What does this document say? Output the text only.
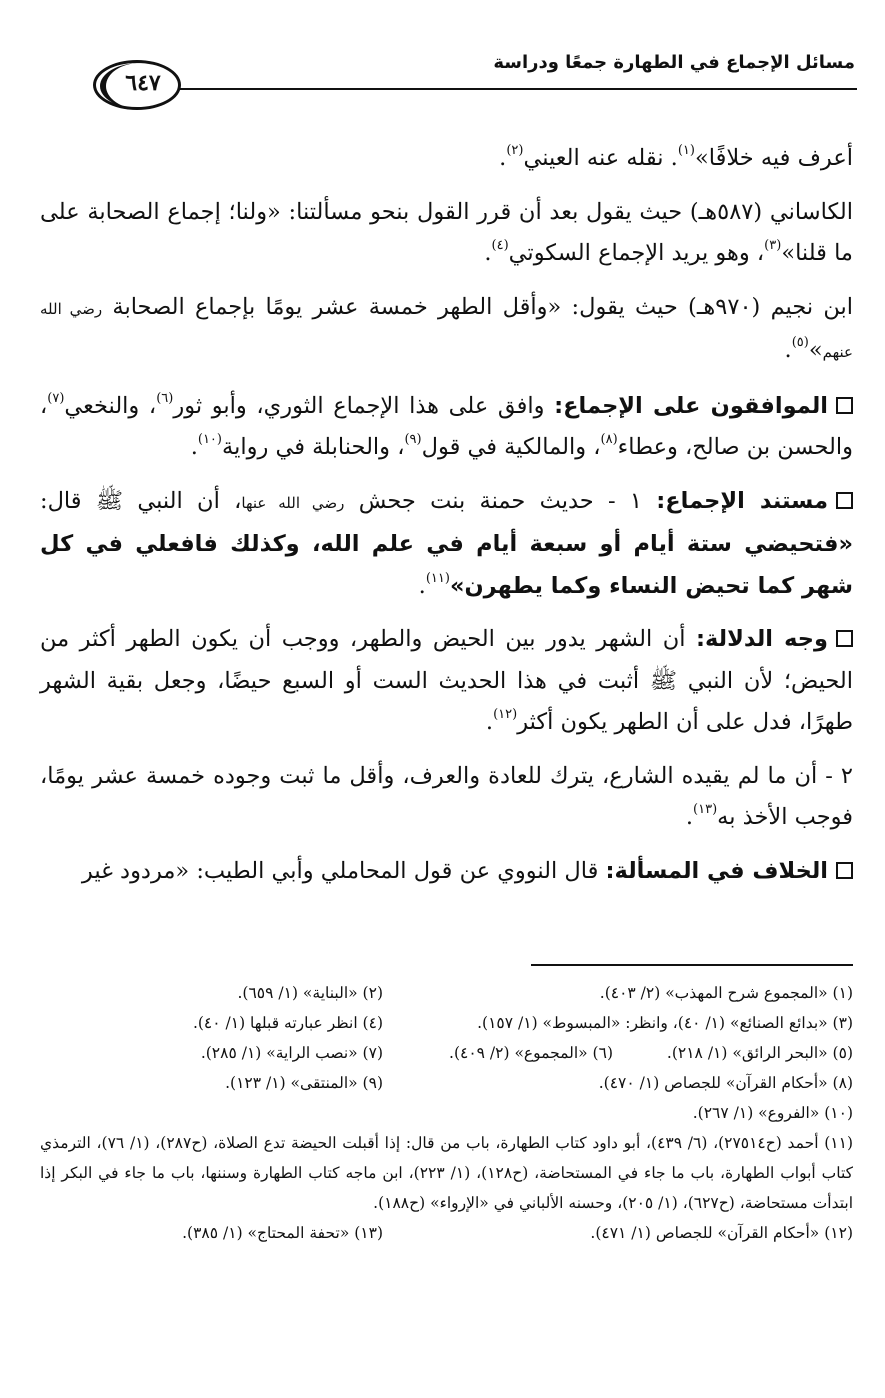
مسائل الإجماع في الطهارة جمعًا ودراسة
٦٤٧

أعرف فيه خلافًا»$^{(١)}$. نقله عنه العيني$^{(٢)}$.

الكاساني (٥٨٧هـ) حيث يقول بعد أن قرر القول بنحو مسألتنا: «ولنا؛ إجماع الصحابة على ما قلنا»$^{(٣)}$، وهو يريد الإجماع السكوتي$^{(٤)}$.

ابن نجيم (٩٧٠هـ) حيث يقول: «وأقل الطهر خمسة عشر يومًا بإجماع الصحابة رضي الله عنهم»$^{(٥)}$.

الموافقون على الإجماع: وافق على هذا الإجماع الثوري، وأبو ثور$^{(٦)}$، والنخعي$^{(٧)}$، والحسن بن صالح، وعطاء$^{(٨)}$، والمالكية في قول$^{(٩)}$، والحنابلة في رواية$^{(١٠)}$.

مستند الإجماع: ١ - حديث حمنة بنت جحش رضي الله عنها، أن النبي ﷺ قال: «فتحيضي ستة أيام أو سبعة أيام في علم الله، وكذلك فافعلي في كل شهر كما تحيض النساء وكما يطهرن»$^{(١١)}$.

وجه الدلالة: أن الشهر يدور بين الحيض والطهر، ووجب أن يكون الطهر أكثر من الحيض؛ لأن النبي ﷺ أثبت في هذا الحديث الست أو السبع حيضًا، وجعل بقية الشهر طهرًا، فدل على أن الطهر يكون أكثر$^{(١٢)}$.

٢ - أن ما لم يقيده الشارع، يترك للعادة والعرف، وأقل ما ثبت وجوده خمسة عشر يومًا، فوجب الأخذ به$^{(١٣)}$.

الخلاف في المسألة: قال النووي عن قول المحاملي وأبي الطيب: «مردود غير

(١) «المجموع شرح المهذب» (٢/ ٤٠٣).
(٢) «البناية» (١/ ٦٥٩).
(٣) «بدائع الصنائع» (١/ ٤٠)، وانظر: «المبسوط» (١/ ١٥٧).
(٤) انظر عبارته قبلها (١/ ٤٠).
(٥) «البحر الرائق» (١/ ٢١٨).
(٦) «المجموع» (٢/ ٤٠٩).
(٧) «نصب الراية» (١/ ٢٨٥).
(٨) «أحكام القرآن» للجصاص (١/ ٤٧٠).
(٩) «المنتقى» (١/ ١٢٣).
(١٠) «الفروع» (١/ ٢٦٧).
(١١) أحمد (ح٢٧٥١٤)، (٦/ ٤٣٩)، أبو داود كتاب الطهارة، باب من قال: إذا أقبلت الحيضة تدع الصلاة، (ح٢٨٧)، (١/ ٧٦)، الترمذي كتاب أبواب الطهارة، باب ما جاء في المستحاضة، (ح١٢٨)، (١/ ٢٢٣)، ابن ماجه كتاب الطهارة وسننها، باب ما جاء في البكر إذا ابتدأت مستحاضة، (ح٦٢٧)، (١/ ٢٠٥)، وحسنه الألباني في «الإرواء» (ح١٨٨).
(١٢) «أحكام القرآن» للجصاص (١/ ٤٧١).
(١٣) «تحفة المحتاج» (١/ ٣٨٥).
